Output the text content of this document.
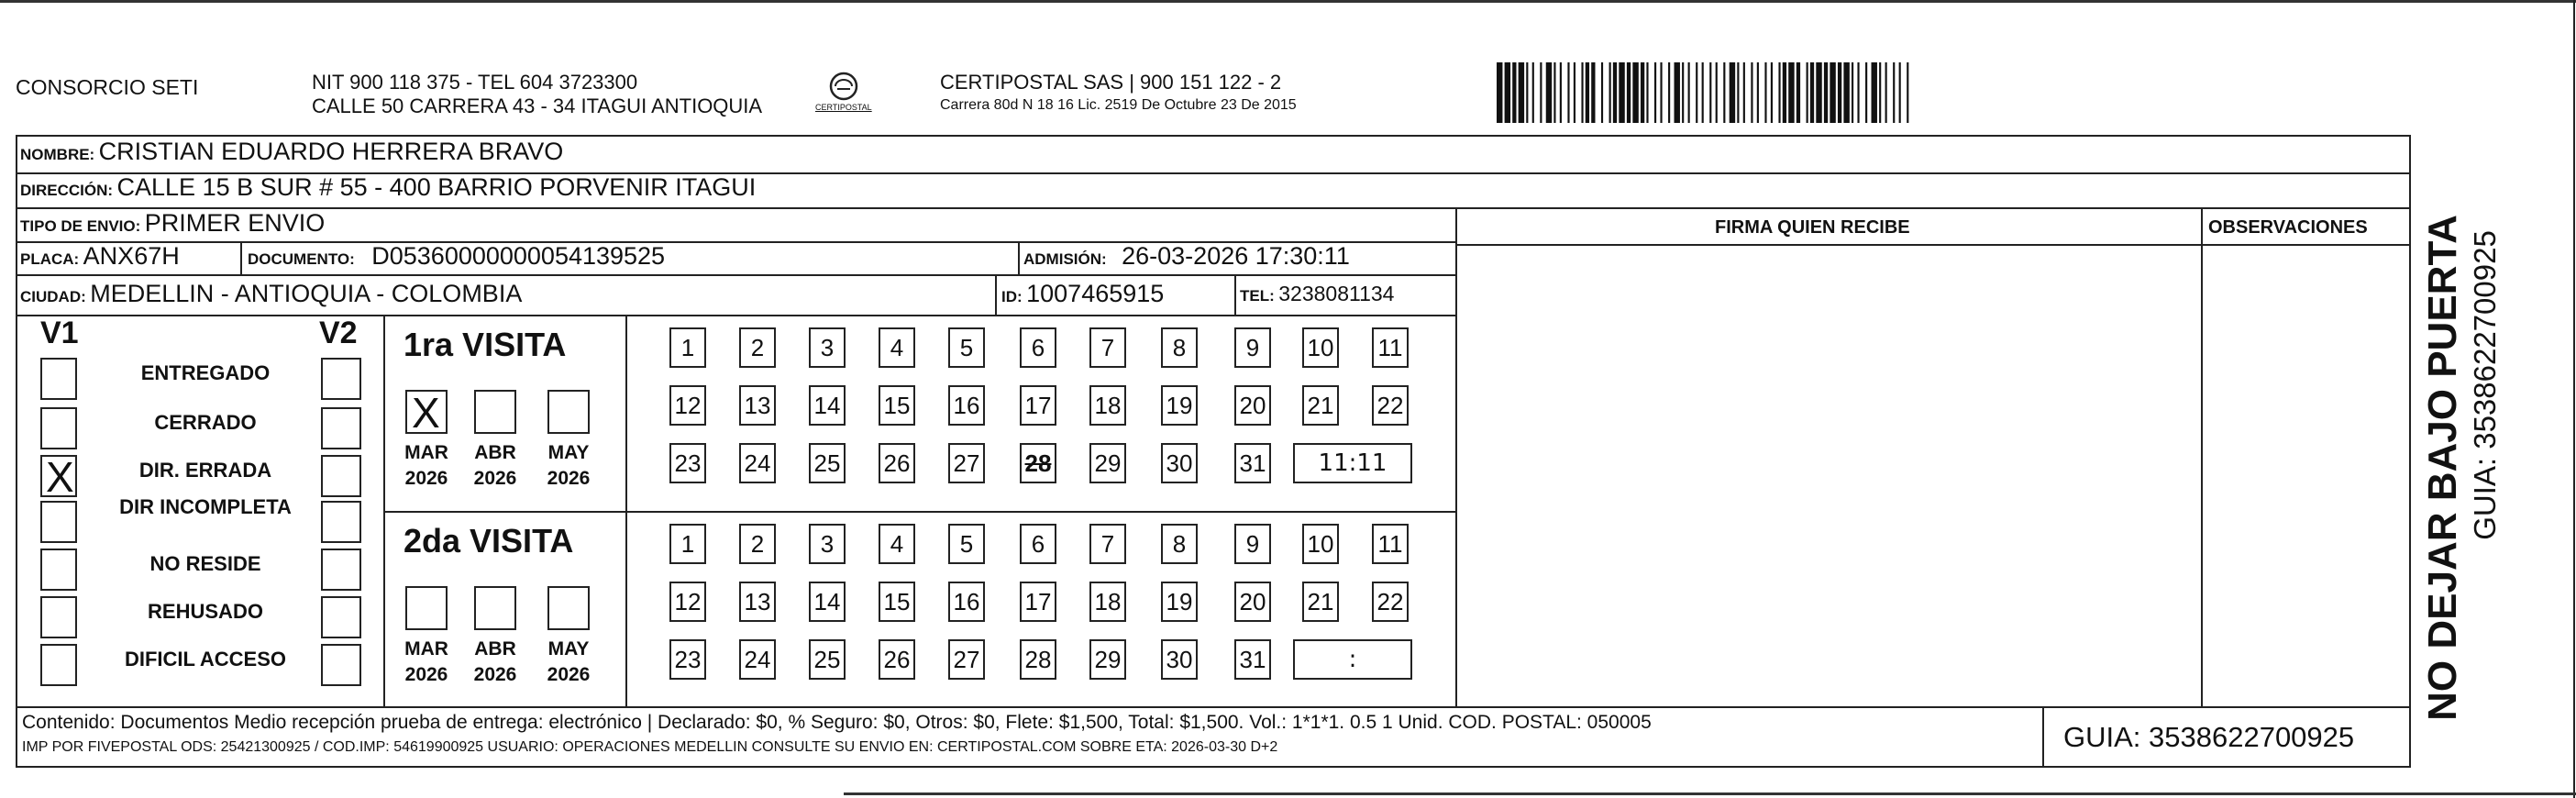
CONSORCIO SETI	NIT 900 118 375 - TEL 604 3723300
CALLE 50 CARRERA 43 - 34 ITAGUI ANTIOQUIA	CERTIPOSTAL
CERTIPOSTAL SAS | 900 151 122 - 2
Carrera 80d N 18 16 Lic. 2519 De Octubre 23 De 2015
NOMBRE: CRISTIAN EDUARDO HERRERA BRAVO
DIRECCIÓN: CALLE 15 B SUR # 55 - 400 BARRIO PORVENIR ITAGUI
TIPO DE ENVIO: PRIMER ENVIO
PLACA: ANX67H	DOCUMENTO: D05360000000054139525	ADMISIÓN: 26-03-2026 17:30:11
CIUDAD: MEDELLIN - ANTIOQUIA - COLOMBIA	ID: 1007465915	TEL: 3238081134
FIRMA QUIEN RECIBE	OBSERVACIONES
V1	V2
ENTREGADO
CERRADO
X	DIR. ERRADA
DIR INCOMPLETA
NO RESIDE
REHUSADO
DIFICIL ACCESO
1ra VISITA
X
MAR
2026
ABR
2026
MAY
2026
1	2	3	4	5	6	7	8	9	10 11
12 13 14 15 16 17 18 19 20 21 22
23 24 25 26 27 28 29 30 31	11:11
2da VISITA
MAR
2026
ABR
2026
MAY
2026
1	2	3	4	5	6	7	8	9	10 11
12 13 14 15 16 17 18 19 20 21 22
23 24 25 26 27 28 29 30 31	:
Contenido: Documentos Medio recepción prueba de entrega: electrónico | Declarado: $0, % Seguro: $0, Otros: $0, Flete: $1,500, Total: $1,500. Vol.: 1*1*1. 0.5 1 Unid. COD. POSTAL: 050005
IMP POR FIVEPOSTAL ODS: 25421300925 / COD.IMP: 54619900925 USUARIO: OPERACIONES MEDELLIN CONSULTE SU ENVIO EN: CERTIPOSTAL.COM SOBRE ETA: 2026-03-30 D+2	GUIA: 3538622700925
NO DEJAR BAJO PUERTA GUIA: 3538622700925
